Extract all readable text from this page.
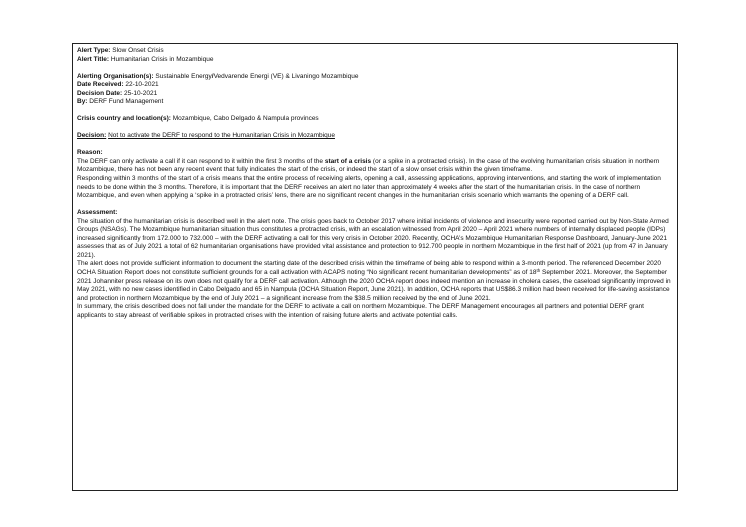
Alert Type: Slow Onset Crisis
Alert Title: Humanitarian Crisis in Mozambique
Alerting Organisation(s): Sustainable Energy/Vedvarende Energi (VE) & Livaningo Mozambique
Date Received: 22-10-2021
Decision Date: 25-10-2021
By: DERF Fund Management
Crisis country and location(s): Mozambique, Cabo Delgado & Nampula provinces
Decision: Not to activate the DERF to respond to the Humanitarian Crisis in Mozambique
Reason:
The DERF can only activate a call if it can respond to it within the first 3 months of the start of a crisis (or a spike in a protracted crisis). In the case of the evolving humanitarian crisis situation in northern Mozambique, there has not been any recent event that fully indicates the start of the crisis, or indeed the start of a slow onset crisis within the given timeframe.
Responding within 3 months of the start of a crisis means that the entire process of receiving alerts, opening a call, assessing applications, approving interventions, and starting the work of implementation needs to be done within the 3 months. Therefore, it is important that the DERF receives an alert no later than approximately 4 weeks after the start of the humanitarian crisis. In the case of northern Mozambique, and even when applying a ‘spike in a protracted crisis’ lens, there are no significant recent changes in the humanitarian crisis scenario which warrants the opening of a DERF call.
Assessment:
The situation of the humanitarian crisis is described well in the alert note. The crisis goes back to October 2017 where initial incidents of violence and insecurity were reported carried out by Non-State Armed Groups (NSAGs). The Mozambique humanitarian situation thus constitutes a protracted crisis, with an escalation witnessed from April 2020 – April 2021 where numbers of internally displaced people (IDPs) increased significantly from 172.000 to 732.000 – with the DERF activating a call for this very crisis in October 2020. Recently, OCHA’s Mozambique Humanitarian Response Dashboard, January-June 2021 assesses that as of July 2021 a total of 62 humanitarian organisations have provided vital assistance and protection to 912.700 people in northern Mozambique in the first half of 2021 (up from 47 in January 2021).
The alert does not provide sufficient information to document the starting date of the described crisis within the timeframe of being able to respond within a 3-month period. The referenced December 2020 OCHA Situation Report does not constitute sufficient grounds for a call activation with ACAPS noting “No significant recent humanitarian developments” as of 18th September 2021. Moreover, the September 2021 Johanniter press release on its own does not qualify for a DERF call activation. Although the 2020 OCHA report does indeed mention an increase in cholera cases, the caseload significantly improved in May 2021, with no new cases identified in Cabo Delgado and 65 in Nampula (OCHA Situation Report, June 2021). In addition, OCHA reports that US$86.3 million had been received for life-saving assistance and protection in northern Mozambique by the end of July 2021 – a significant increase from the $38.5 million received by the end of June 2021.
In summary, the crisis described does not fall under the mandate for the DERF to activate a call on northern Mozambique. The DERF Management encourages all partners and potential DERF grant applicants to stay abreast of verifiable spikes in protracted crises with the intention of raising future alerts and activate potential calls.
